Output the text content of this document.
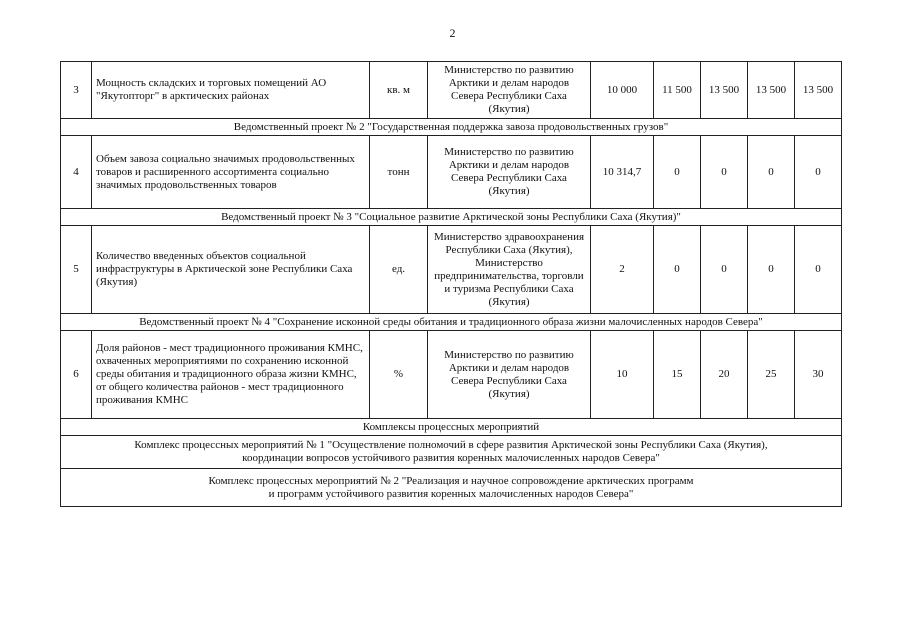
2
3	Мощность складских и торговых помещений АО "Якутопторг" в арктических районах	кв. м	Министерство по развитию Арктики и делам народов Севера Республики Саха (Якутия)	10 000	11 500	13 500	13 500	13 500
Ведомственный проект № 2 "Государственная поддержка завоза продовольственных грузов"								
4	Объем завоза социально значимых продовольственных товаров и расширенного ассортимента социально значимых продовольственных товаров	тонн	Министерство по развитию Арктики и делам народов Севера Республики Саха (Якутия)	10 314,7	0	0	0	0
Ведомственный проект № 3 "Социальное развитие Арктической зоны Республики Саха (Якутия)"								
5	Количество введенных объектов социальной инфраструктуры в Арктической зоне Республики Саха (Якутия)	ед.	Министерство здравоохранения Республики Саха (Якутия), Министерство предпринимательства, торговли и туризма Республики Саха (Якутия)	2	0	0	0	0
Ведомственный проект № 4 "Сохранение исконной среды обитания и традиционного образа жизни малочисленных народов Севера"								
6	Доля районов - мест традиционного проживания КМНС, охваченных мероприятиями по сохранению исконной среды обитания и традиционного образа жизни КМНС, от общего количества районов - мест традиционного проживания КМНС	%	Министерство по развитию Арктики и делам народов Севера Республики Саха (Якутия)	10	15	20	25	30
Комплексы процессных мероприятий								

Комплекс процессных мероприятий № 1 "Осуществление полномочий в сфере развития Арктической зоны Республики Саха (Якутия),
координации вопросов устойчивого развития коренных малочисленных народов Севера"								

Комплекс процессных мероприятий № 2 "Реализация и научное сопровождение арктических программ
и программ устойчивого развития коренных малочисленных народов Севера"								
